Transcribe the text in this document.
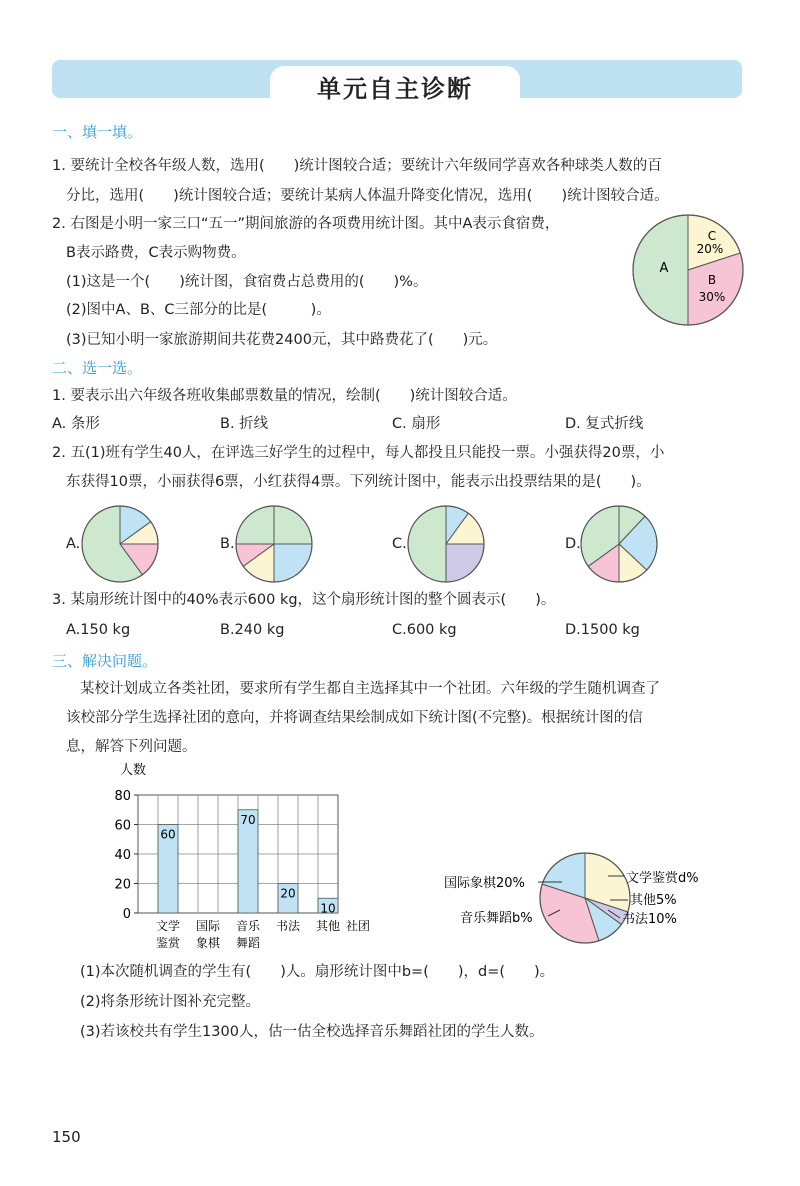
单元自主诊断
一、填一填。
1. 要统计全校各年级人数，选用(　　)统计图较合适；要统计六年级同学喜欢各种球类人数的百
分比，选用(　　)统计图较合适；要统计某病人体温升降变化情况，选用(　　)统计图较合适。
2. 右图是小明一家三口“五一”期间旅游的各项费用统计图。其中A表示食宿费，
B表示路费，C表示购物费。
(1)这是一个(　　)统计图，食宿费占总费用的(　　)%。
(2)图中A、B、C三部分的比是(　　　)。
(3)已知小明一家旅游期间共花费2400元，其中路费花了(　　)元。
A
C
20%
B
30%
二、选一选。
1. 要表示出六年级各班收集邮票数量的情况，绘制(　　)统计图较合适。
A. 条形	B. 折线	C. 扇形	D. 复式折线
2. 五(1)班有学生40人，在评选三好学生的过程中，每人都投且只能投一票。小强获得20票，小
东获得10票，小丽获得6票，小红获得4票。下列统计图中，能表示出投票结果的是(　　)。
A.	B.	C.	D.
3. 某扇形统计图中的40%表示600 kg，这个扇形统计图的整个圆表示(　　)。
A.150 kg	B.240 kg	C.600 kg	D.1500 kg
三、解决问题。
某校计划成立各类社团，要求所有学生都自主选择其中一个社团。六年级的学生随机调查了
该校部分学生选择社团的意向，并将调查结果绘制成如下统计图(不完整)。根据统计图的信
息，解答下列问题。
0
20
40
60
80
人数
60
文学
鉴赏
国际
象棋
70
音乐
舞蹈
20
书法
10
其他 社团
国际象棋20%
音乐舞蹈b%
文学鉴赏d%
其他5%
书法10%
(1)本次随机调查的学生有(　　)人。扇形统计图中b=(　　)，d=(　　)。
(2)将条形统计图补充完整。
(3)若该校共有学生1300人，估一估全校选择音乐舞蹈社团的学生人数。
150
